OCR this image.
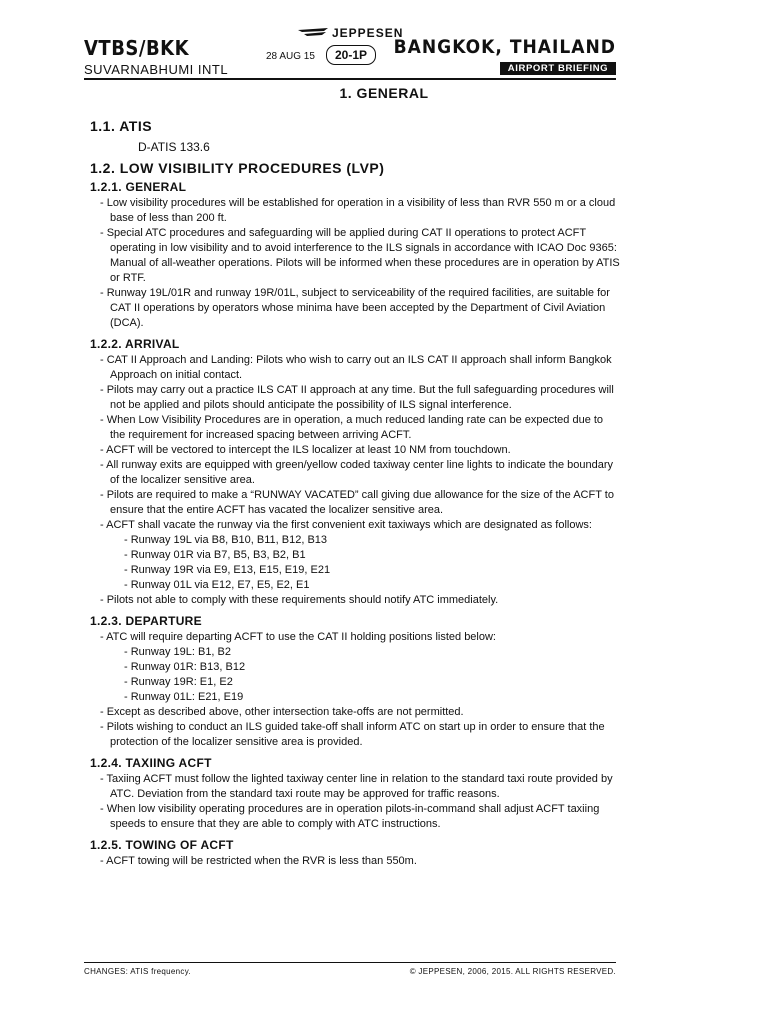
VTBS/BKK
SUVARNABHUMI INTL
JEPPESEN
28 AUG 15	20-1P	BANGKOK, THAILAND
AIRPORT BRIEFING
1. GENERAL
1.1. ATIS
D-ATIS 133.6
1.2. LOW VISIBILITY PROCEDURES (LVP)
1.2.1. GENERAL
- Low visibility procedures will be established for operation in a visibility of less than RVR 550 m or a cloud base of less than 200 ft.
- Special ATC procedures and safeguarding will be applied during CAT II operations to protect ACFT operating in low visibility and to avoid interference to the ILS signals in accordance with ICAO Doc 9365: Manual of all-weather operations. Pilots will be informed when these procedures are in operation by ATIS or RTF.
- Runway 19L/01R and runway 19R/01L, subject to serviceability of the required facilities, are suitable for CAT II operations by operators whose minima have been accepted by the Department of Civil Aviation (DCA).
1.2.2. ARRIVAL
- CAT II Approach and Landing: Pilots who wish to carry out an ILS CAT II approach shall inform Bangkok Approach on initial contact.
- Pilots may carry out a practice ILS CAT II approach at any time. But the full safeguarding procedures will not be applied and pilots should anticipate the possibility of ILS signal interference.
- When Low Visibility Procedures are in operation, a much reduced landing rate can be expected due to the requirement for increased spacing between arriving ACFT.
- ACFT will be vectored to intercept the ILS localizer at least 10 NM from touchdown.
- All runway exits are equipped with green/yellow coded taxiway center line lights to indicate the boundary of the localizer sensitive area.
- Pilots are required to make a “RUNWAY VACATED” call giving due allowance for the size of the ACFT to ensure that the entire ACFT has vacated the localizer sensitive area.
- ACFT shall vacate the runway via the first convenient exit taxiways which are designated as follows:
- Runway 19L via B8, B10, B11, B12, B13
- Runway 01R via B7, B5, B3, B2, B1
- Runway 19R via E9, E13, E15, E19, E21
- Runway 01L via E12, E7, E5, E2, E1
- Pilots not able to comply with these requirements should notify ATC immediately.
1.2.3. DEPARTURE
- ATC will require departing ACFT to use the CAT II holding positions listed below:
- Runway 19L: B1, B2
- Runway 01R: B13, B12
- Runway 19R: E1, E2
- Runway 01L: E21, E19
- Except as described above, other intersection take-offs are not permitted.
- Pilots wishing to conduct an ILS guided take-off shall inform ATC on start up in order to ensure that the protection of the localizer sensitive area is provided.
1.2.4. TAXIING ACFT
- Taxiing ACFT must follow the lighted taxiway center line in relation to the standard taxi route provided by ATC. Deviation from the standard taxi route may be approved for traffic reasons.
- When low visibility operating procedures are in operation pilots-in-command shall adjust ACFT taxiing speeds to ensure that they are able to comply with ATC instructions.
1.2.5. TOWING OF ACFT
- ACFT towing will be restricted when the RVR is less than 550m.
CHANGES: ATIS frequency.	© JEPPESEN, 2006, 2015. ALL RIGHTS RESERVED.
